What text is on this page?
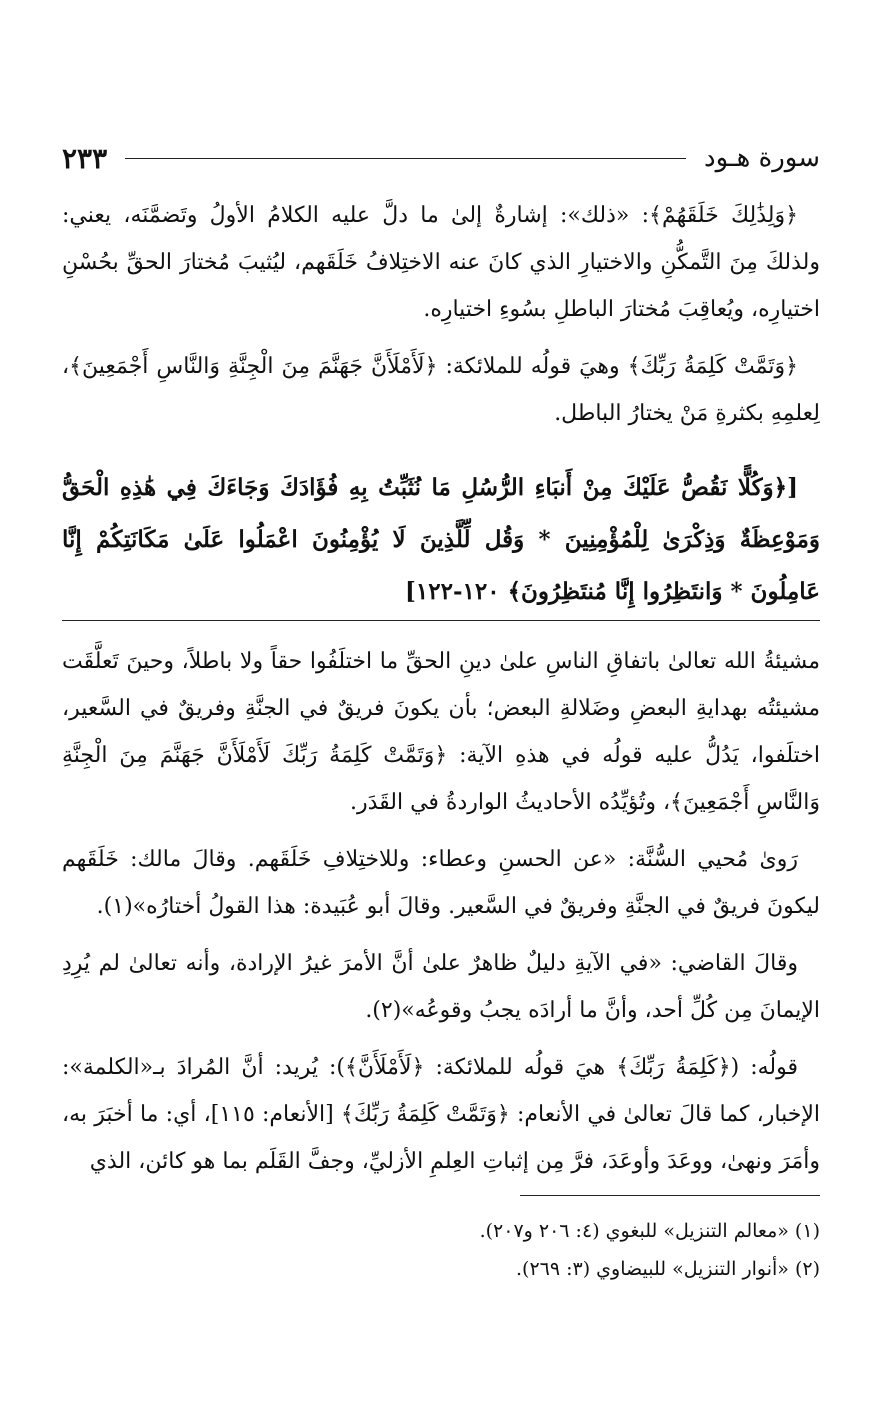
سورة هـود
٢٣٣

﴿وَلِذَٰلِكَ خَلَقَهُمْ﴾: «ذلك»: إشارةٌ إلىٰ ما دلَّ عليه الكلامُ الأولُ وتَضمَّنَه، يعني: ولذلكَ مِنَ التَّمكُّنِ والاختيارِ الذي كانَ عنه الاختِلافُ خَلَقَهم، ليُثيبَ مُختارَ الحقِّ بحُسْنِ اختيارِه، ويُعاقِبَ مُختارَ الباطلِ بسُوءِ اختيارِه.

﴿وَتَمَّتْ كَلِمَةُ رَبِّكَ﴾ وهيَ قولُه للملائكة: ﴿لَأَمْلَأَنَّ جَهَنَّمَ مِنَ الْجِنَّةِ وَالنَّاسِ أَجْمَعِينَ﴾، لِعلمِهِ بكثرةِ مَنْ يختارُ الباطل.

[﴿وَكُلًّا نَقُصُّ عَلَيْكَ مِنْ أَنبَاءِ الرُّسُلِ مَا نُثَبِّتُ بِهِ فُؤَادَكَ وَجَاءَكَ فِي هَٰذِهِ الْحَقُّ وَمَوْعِظَةٌ وَذِكْرَىٰ لِلْمُؤْمِنِينَ * وَقُل لِّلَّذِينَ لَا يُؤْمِنُونَ اعْمَلُوا عَلَىٰ مَكَانَتِكُمْ إِنَّا عَامِلُونَ * وَانتَظِرُوا إِنَّا مُنتَظِرُونَ﴾ ١٢٠-١٢٢]

مشيئةُ الله تعالىٰ باتفاقِ الناسِ علىٰ دينِ الحقِّ ما اختلَفُوا حقاً ولا باطلاً، وحينَ تَعلَّقَت مشيئتُه بهدايةِ البعضِ وضَلالةِ البعض؛ بأن يكونَ فريقٌ في الجنَّةِ وفريقٌ في السَّعير، اختلَفوا، يَدُلُّ عليه قولُه في هذهِ الآية: ﴿وَتَمَّتْ كَلِمَةُ رَبِّكَ لَأَمْلَأَنَّ جَهَنَّمَ مِنَ الْجِنَّةِ وَالنَّاسِ أَجْمَعِينَ﴾، وتُؤيِّدُه الأحاديثُ الواردةُ في القَدَر.

رَوىٰ مُحيي السُّنَّة: «عن الحسنِ وعطاء: وللاختِلافِ خَلَقَهم. وقالَ مالك: خَلَقَهم ليكونَ فريقٌ في الجنَّةِ وفريقٌ في السَّعير. وقالَ أبو عُبَيدة: هذا القولُ أختارُه»(١).

وقالَ القاضي: «في الآيةِ دليلٌ ظاهرٌ علىٰ أنَّ الأمرَ غيرُ الإرادة، وأنه تعالىٰ لم يُرِدِ الإيمانَ مِن كُلِّ أحد، وأنَّ ما أرادَه يجبُ وقوعُه»(٢).

قولُه: (﴿كَلِمَةُ رَبِّكَ﴾ هيَ قولُه للملائكة: ﴿لَأَمْلَأَنَّ﴾): يُريد: أنَّ المُرادَ بـ«الكلمة»: الإخبار، كما قالَ تعالىٰ في الأنعام: ﴿وَتَمَّتْ كَلِمَةُ رَبِّكَ﴾ [الأنعام: ١١٥]، أي: ما أخبَرَ به، وأمَرَ ونهىٰ، ووعَدَ وأوعَدَ، فرَّ مِن إثباتِ العِلمِ الأزليِّ، وجفَّ القَلَم بما هو كائن، الذي

(١) «معالم التنزيل» للبغوي (٤: ٢٠٦ و٢٠٧).

(٢) «أنوار التنزيل» للبيضاوي (٣: ٢٦٩).
